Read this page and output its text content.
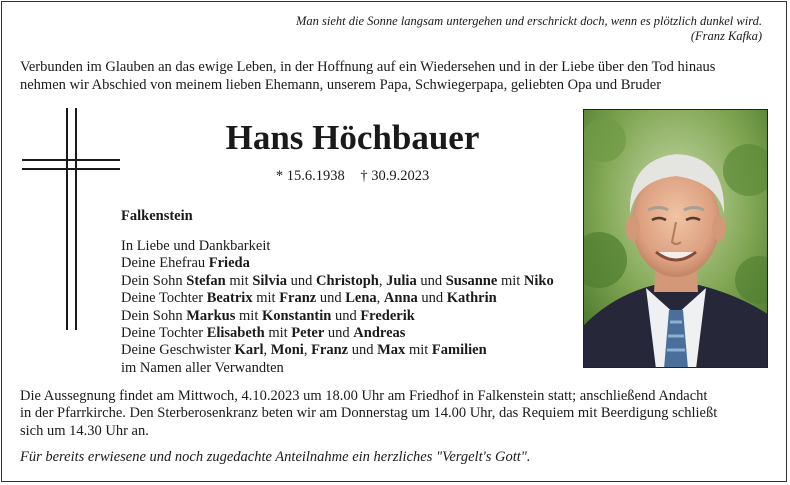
Man sieht die Sonne langsam untergehen und erschrickt doch, wenn es plötzlich dunkel wird.
(Franz Kafka)

Verbunden im Glauben an das ewige Leben, in der Hoffnung auf ein Wiedersehen und in der Liebe über den Tod hinaus

nehmen wir Abschied von meinem lieben Ehemann, unserem Papa, Schwiegerpapa, geliebten Opa und Bruder

Hans Höchbauer
* 15.6.1938 † 30.9.2023
Falkenstein
In Liebe und Dankbarkeit
Deine Ehefrau Frieda
Dein Sohn Stefan mit Silvia und Christoph, Julia und Susanne mit Niko
Deine Tochter Beatrix mit Franz und Lena, Anna und Kathrin
Dein Sohn Markus mit Konstantin und Frederik
Deine Tochter Elisabeth mit Peter und Andreas
Deine Geschwister Karl, Moni, Franz und Max mit Familien
im Namen aller Verwandten

Die Aussegnung findet am Mittwoch, 4.10.2023 um 18.00 Uhr am Friedhof in Falkenstein statt; anschließend Andacht

in der Pfarrkirche. Den Sterberosenkranz beten wir am Donnerstag um 14.00 Uhr, das Requiem mit Beerdigung schließt

sich um 14.30 Uhr an.

Für bereits erwiesene und noch zugedachte Anteilnahme ein herzliches "Vergelt's Gott".
